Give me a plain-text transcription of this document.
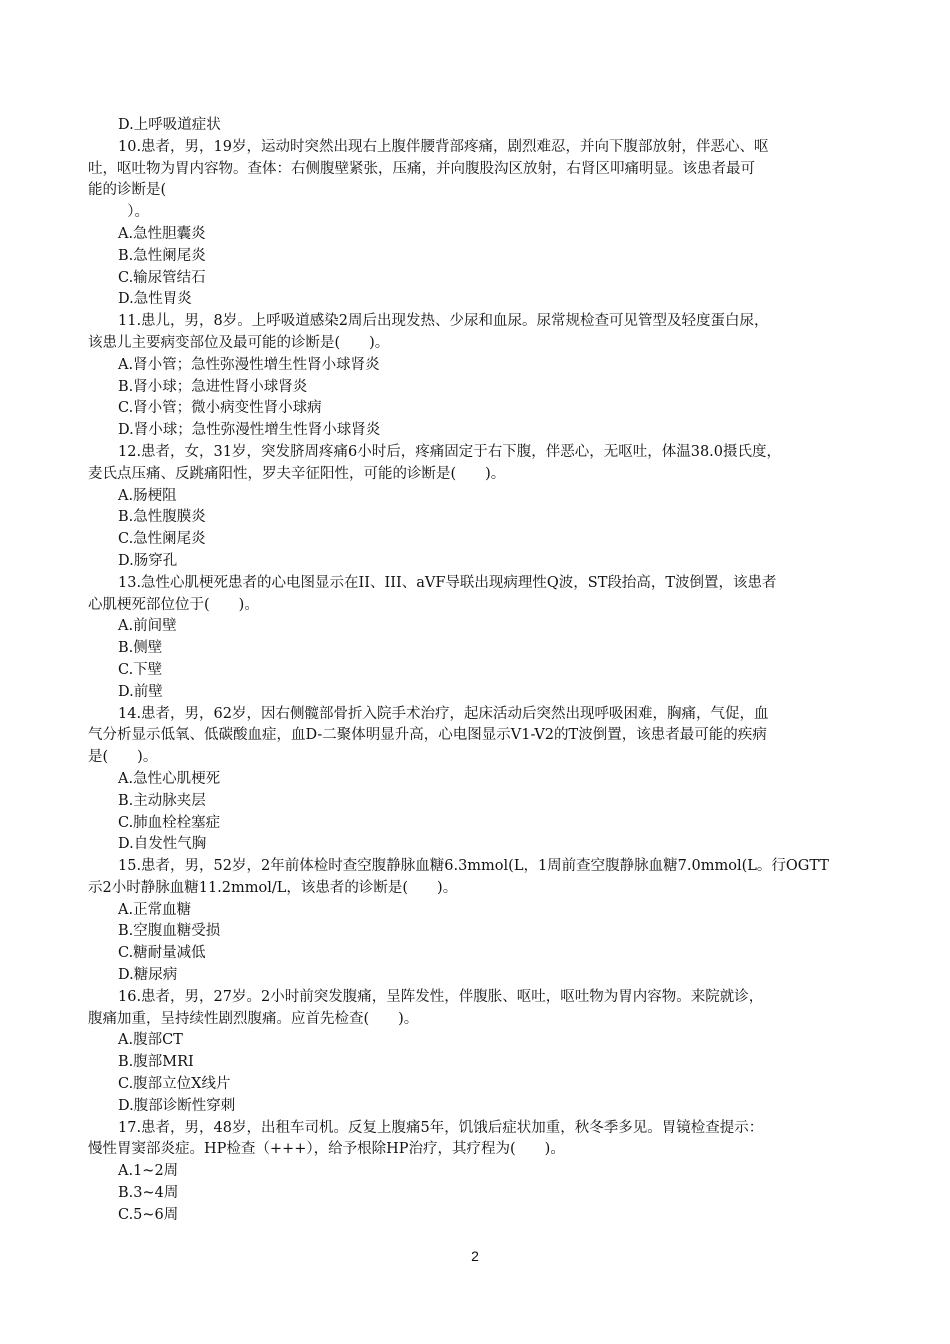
D.上呼吸道症状
10.患者，男，19岁，运动时突然出现右上腹伴腰背部疼痛，剧烈难忍，并向下腹部放射，伴恶心、呕
吐，呕吐物为胃内容物。查体：右侧腹壁紧张，压痛，并向腹股沟区放射，右肾区叩痛明显。该患者最可
能的诊断是(
）。
A.急性胆囊炎
B.急性阑尾炎
C.输尿管结石
D.急性胃炎
11.患儿，男，8岁。上呼吸道感染2周后出现发热、少尿和血尿。尿常规检查可见管型及轻度蛋白尿，
该患儿主要病变部位及最可能的诊断是(　　)。
A.肾小管；急性弥漫性增生性肾小球肾炎
B.肾小球；急进性肾小球肾炎
C.肾小管；微小病变性肾小球病
D.肾小球；急性弥漫性增生性肾小球肾炎
12.患者，女，31岁，突发脐周疼痛6小时后，疼痛固定于右下腹，伴恶心，无呕吐，体温38.0摄氏度，
麦氏点压痛、反跳痛阳性，罗夫辛征阳性，可能的诊断是(　　)。
A.肠梗阻
B.急性腹膜炎
C.急性阑尾炎
D.肠穿孔
13.急性心肌梗死患者的心电图显示在II、III、aVF导联出现病理性Q波，ST段抬高，T波倒置，该患者
心肌梗死部位位于(　　)。
A.前间壁
B.侧壁
C.下壁
D.前壁
14.患者，男，62岁，因右侧髋部骨折入院手术治疗，起床活动后突然出现呼吸困难，胸痛，气促，血
气分析显示低氧、低碳酸血症，血D-二聚体明显升高，心电图显示V1-V2的T波倒置，该患者最可能的疾病
是(　　)。
A.急性心肌梗死
B.主动脉夹层
C.肺血栓栓塞症
D.自发性气胸
15.患者，男，52岁，2年前体检时查空腹静脉血糖6.3mmol(L，1周前查空腹静脉血糖7.0mmol(L。行OGTT
示2小时静脉血糖11.2mmol/L，该患者的诊断是(　　)。
A.正常血糖
B.空腹血糖受损
C.糖耐量减低
D.糖尿病
16.患者，男，27岁。2小时前突发腹痛，呈阵发性，伴腹胀、呕吐，呕吐物为胃内容物。来院就诊，
腹痛加重，呈持续性剧烈腹痛。应首先检查(　　)。
A.腹部CT
B.腹部MRI
C.腹部立位X线片
D.腹部诊断性穿刺
17.患者，男，48岁，出租车司机。反复上腹痛5年，饥饿后症状加重，秋冬季多见。胃镜检查提示：
慢性胃窦部炎症。HP检查（+++），给予根除HP治疗，其疗程为(　　)。
A.1~2周
B.3~4周
C.5~6周
2
